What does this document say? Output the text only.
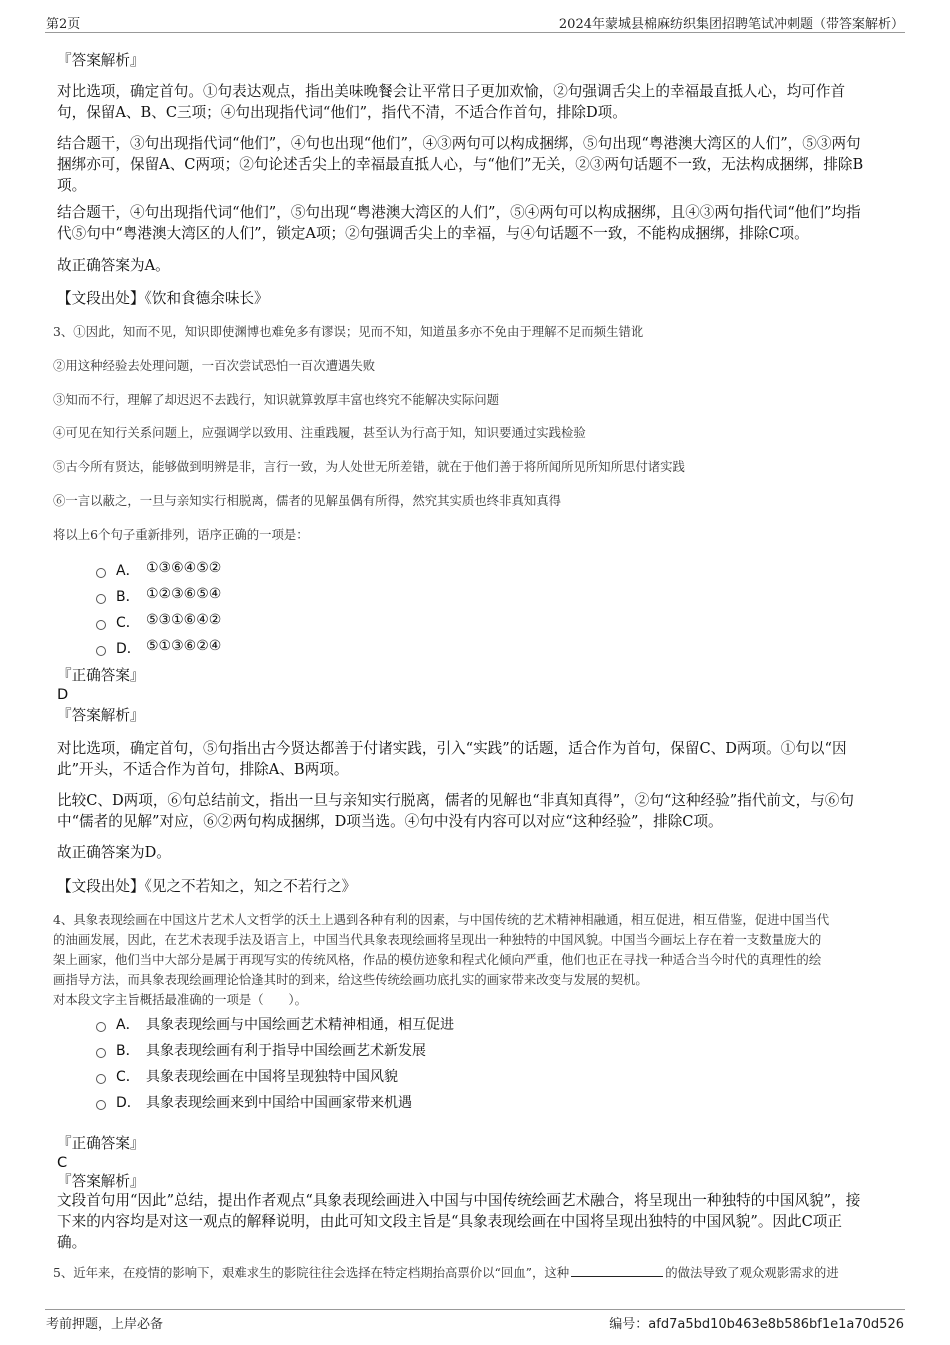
第2页	2024年蒙城县棉麻纺织集团招聘笔试冲刺题（带答案解析）
『答案解析』
对比选项，确定首句。①句表达观点，指出美味晚餐会让平常日子更加欢愉，②句强调舌尖上的幸福最直抵人心，均可作首
句，保留A、B、C三项；④句出现指代词“他们”，指代不清，不适合作首句，排除D项。
结合题干，③句出现指代词“他们”，④句也出现“他们”，④③两句可以构成捆绑，⑤句出现“粤港澳大湾区的人们”，⑤③两句
捆绑亦可，保留A、C两项；②句论述舌尖上的幸福最直抵人心，与“他们”无关，②③两句话题不一致，无法构成捆绑，排除B
项。
结合题干，④句出现指代词“他们”，⑤句出现“粤港澳大湾区的人们”，⑤④两句可以构成捆绑，且④③两句指代词“他们”均指
代⑤句中“粤港澳大湾区的人们”，锁定A项；②句强调舌尖上的幸福，与④句话题不一致，不能构成捆绑，排除C项。
故正确答案为A。
【文段出处】《饮和食德余味长》
3、①因此，知而不见，知识即使渊博也难免多有谬误；见而不知，知道虽多亦不免由于理解不足而频生错讹
②用这种经验去处理问题，一百次尝试恐怕一百次遭遇失败
③知而不行，理解了却迟迟不去践行，知识就算敦厚丰富也终究不能解决实际问题
④可见在知行关系问题上，应强调学以致用、注重践履，甚至认为行高于知，知识要通过实践检验
⑤古今所有贤达，能够做到明辨是非，言行一致，为人处世无所差错，就在于他们善于将所闻所见所知所思付诸实践
⑥一言以蔽之，一旦与亲知实行相脱离，儒者的见解虽偶有所得，然究其实质也终非真知真得
将以上6个句子重新排列，语序正确的一项是：
A． ①③⑥④⑤②
B． ①②③⑥⑤④
C． ⑤③①⑥④②
D． ⑤①③⑥②④
『正确答案』
D
『答案解析』
对比选项，确定首句，⑤句指出古今贤达都善于付诸实践，引入“实践”的话题，适合作为首句，保留C、D两项。①句以“因
此”开头，不适合作为首句，排除A、B两项。
比较C、D两项，⑥句总结前文，指出一旦与亲知实行脱离，儒者的见解也“非真知真得”，②句“这种经验”指代前文，与⑥句
中“儒者的见解”对应，⑥②两句构成捆绑，D项当选。④句中没有内容可以对应“这种经验”，排除C项。
故正确答案为D。
【文段出处】《见之不若知之，知之不若行之》
4、具象表现绘画在中国这片艺术人文哲学的沃土上遇到各种有利的因素，与中国传统的艺术精神相融通，相互促进，相互借鉴，促进中国当代
的油画发展，因此，在艺术表现手法及语言上，中国当代具象表现绘画将呈现出一种独特的中国风貌。中国当今画坛上存在着一支数量庞大的
架上画家，他们当中大部分是属于再现写实的传统风格，作品的模仿迹象和程式化倾向严重，他们也正在寻找一种适合当今时代的真理性的绘
画指导方法，而具象表现绘画理论恰逢其时的到来，给这些传统绘画功底扎实的画家带来改变与发展的契机。
对本段文字主旨概括最准确的一项是（　　）。
A． 具象表现绘画与中国绘画艺术精神相通，相互促进
B． 具象表现绘画有利于指导中国绘画艺术新发展
C． 具象表现绘画在中国将呈现独特中国风貌
D． 具象表现绘画来到中国给中国画家带来机遇
『正确答案』
C
『答案解析』
文段首句用“因此”总结，提出作者观点“具象表现绘画进入中国与中国传统绘画艺术融合，将呈现出一种独特的中国风貌”，接
下来的内容均是对这一观点的解释说明，由此可知文段主旨是“具象表现绘画在中国将呈现出独特的中国风貌”。因此C项正
确。
5、近年来，在疫情的影响下，艰难求生的影院往往会选择在特定档期抬高票价以“回血”，这种	的做法导致了观众观影需求的进
考前押题，上岸必备	编号：afd7a5bd10b463e8b586bf1e1a70d526
